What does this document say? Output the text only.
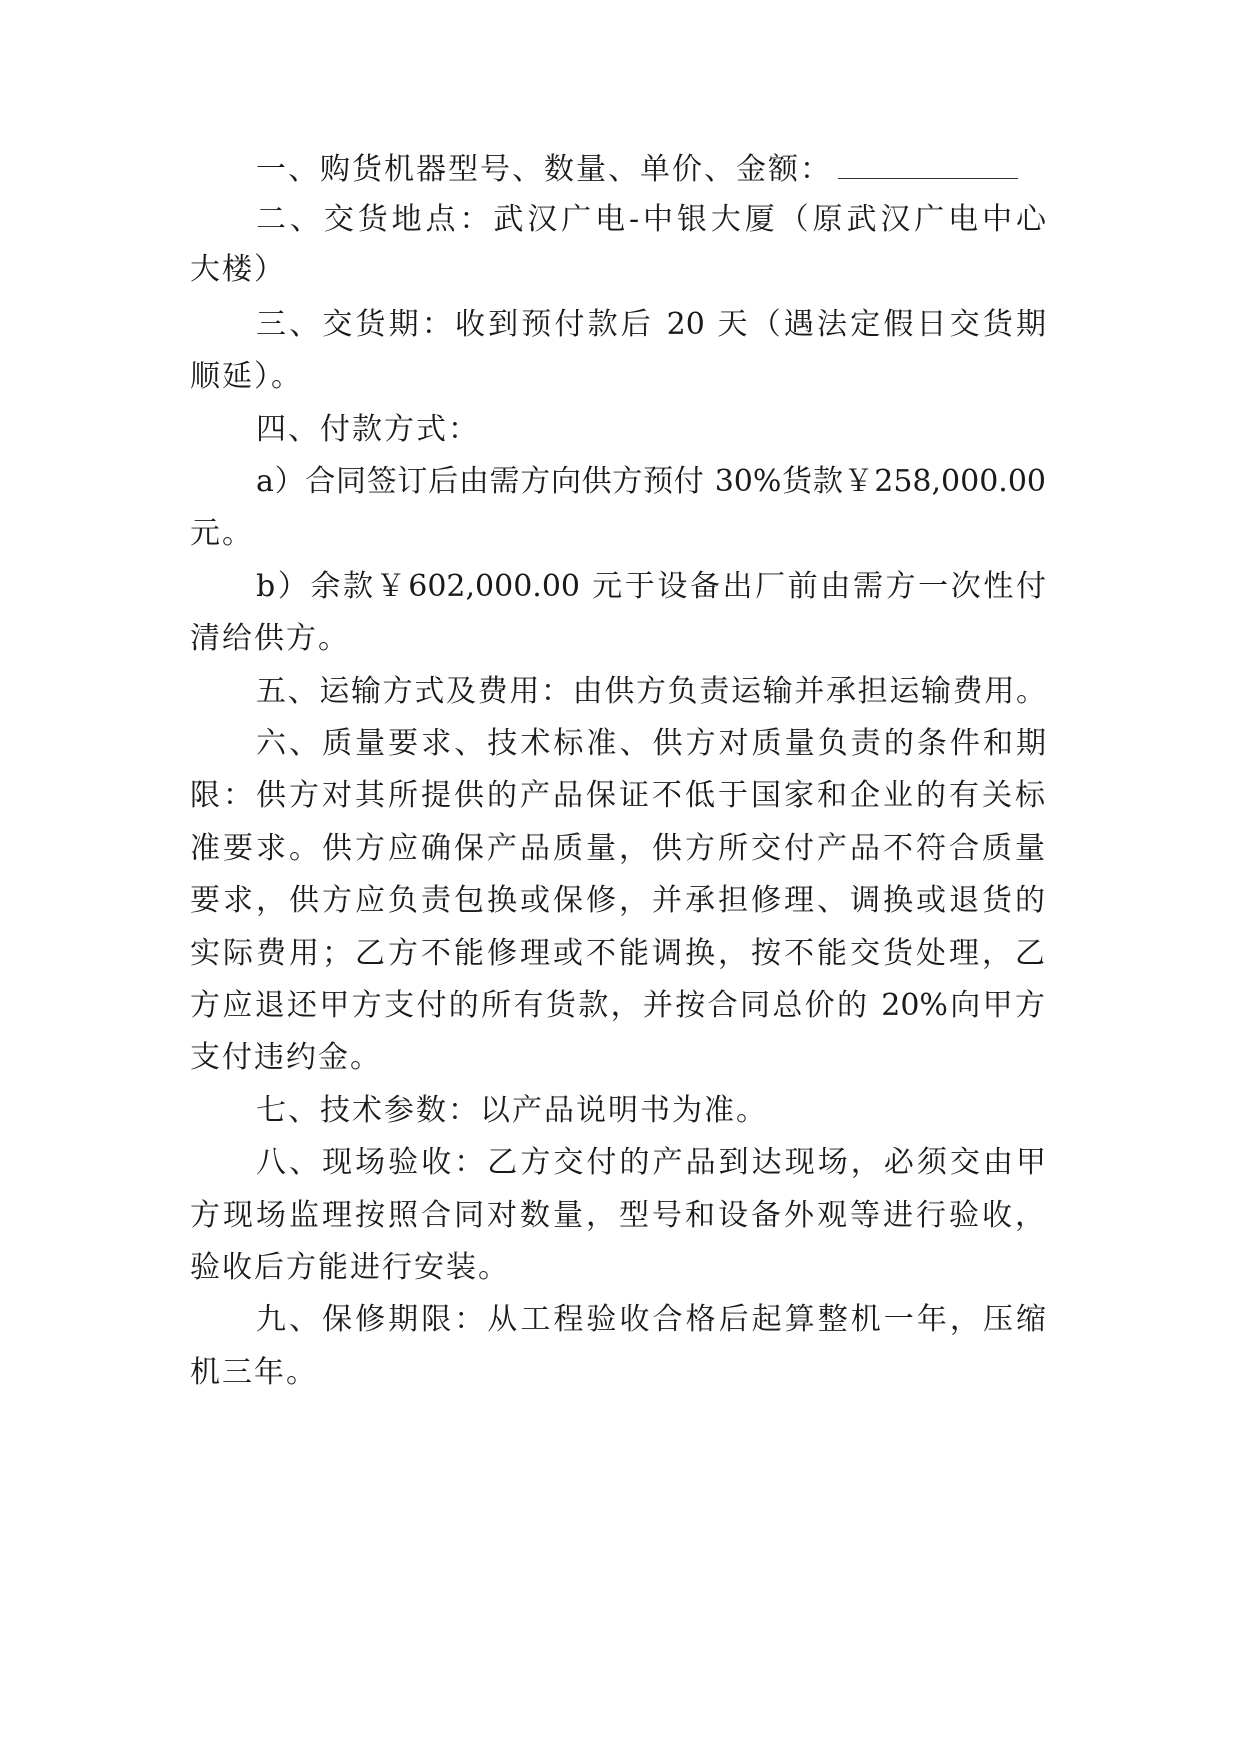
一、购货机器型号、数量、单价、金额：
二、交货地点：武汉广电-中银大厦（原武汉广电中心
大楼）
三、交货期：收到预付款后 20 天（遇法定假日交货期
顺延）。
四、付款方式：
a）合同签订后由需方向供方预付 30%货款￥258,000.00
元。
b）余款￥602,000.00 元于设备出厂前由需方一次性付
清给供方。
五、运输方式及费用：由供方负责运输并承担运输费用。
六、质量要求、技术标准、供方对质量负责的条件和期
限：供方对其所提供的产品保证不低于国家和企业的有关标
准要求。供方应确保产品质量，供方所交付产品不符合质量
要求，供方应负责包换或保修，并承担修理、调换或退货的
实际费用；乙方不能修理或不能调换，按不能交货处理，乙
方应退还甲方支付的所有货款，并按合同总价的 20%向甲方
支付违约金。
七、技术参数：以产品说明书为准。
八、现场验收：乙方交付的产品到达现场，必须交由甲
方现场监理按照合同对数量，型号和设备外观等进行验收，
验收后方能进行安装。
九、保修期限：从工程验收合格后起算整机一年，压缩
机三年。
